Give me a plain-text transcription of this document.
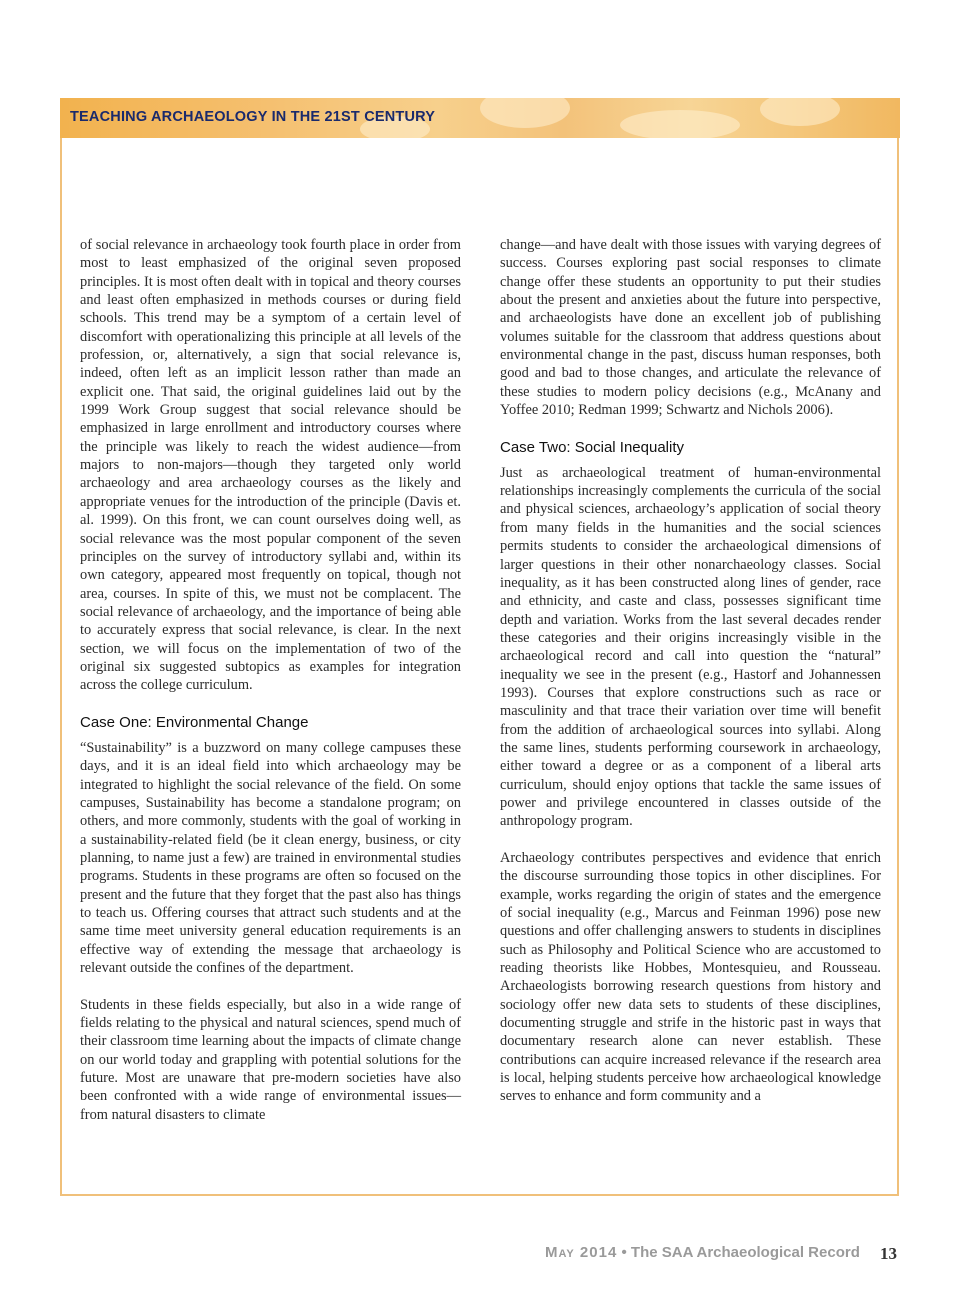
TEACHING ARCHAEOLOGY IN THE 21ST CENTURY

of social relevance in archaeology took fourth place in order from most to least emphasized of the original seven proposed principles. It is most often dealt with in topical and theory courses and least often emphasized in methods courses or during field schools. This trend may be a symptom of a certain level of discomfort with operationalizing this principle at all levels of the profession, or, alternatively, a sign that social relevance is, indeed, often left as an implicit lesson rather than made an explicit one. That said, the original guidelines laid out by the 1999 Work Group suggest that social relevance should be emphasized in large enrollment and introductory courses where the principle was likely to reach the widest audience—from majors to non-majors—though they targeted only world archaeology and area archaeology courses as the likely and appropriate venues for the introduction of the principle (Davis et. al. 1999). On this front, we can count ourselves doing well, as social relevance was the most popular component of the seven principles on the survey of introductory syllabi and, within its own category, appeared most frequently on topical, though not area, courses. In spite of this, we must not be complacent. The social relevance of archaeology, and the importance of being able to accurately express that social relevance, is clear. In the next section, we will focus on the implementation of two of the original six suggested subtopics as examples for integration across the college curriculum.

Case One: Environmental Change

“Sustainability” is a buzzword on many college campuses these days, and it is an ideal field into which archaeology may be integrated to highlight the social relevance of the field. On some campuses, Sustainability has become a standalone program; on others, and more commonly, students with the goal of working in a sustainability-related field (be it clean energy, business, or city planning, to name just a few) are trained in environmental studies programs. Students in these programs are often so focused on the present and the future that they forget that the past also has things to teach us. Offering courses that attract such students and at the same time meet university general education requirements is an effective way of extending the message that archaeology is relevant outside the confines of the department.

Students in these fields especially, but also in a wide range of fields relating to the physical and natural sciences, spend much of their classroom time learning about the impacts of climate change on our world today and grappling with potential solutions for the future. Most are unaware that pre-modern societies have also been confronted with a wide range of environmental issues—from natural disasters to climate

change—and have dealt with those issues with varying degrees of success. Courses exploring past social responses to climate change offer these students an opportunity to put their studies about the present and anxieties about the future into perspective, and archaeologists have done an excellent job of publishing volumes suitable for the classroom that address questions about environmental change in the past, discuss human responses, both good and bad to those changes, and articulate the relevance of these studies to modern policy decisions (e.g., McAnany and Yoffee 2010; Redman 1999; Schwartz and Nichols 2006).

Case Two: Social Inequality

Just as archaeological treatment of human-environmental relationships increasingly complements the curricula of the social and physical sciences, archaeology’s application of social theory from many fields in the humanities and the social sciences permits students to consider the archaeological dimensions of larger questions in their other nonarchaeology classes. Social inequality, as it has been constructed along lines of gender, race and ethnicity, and caste and class, possesses significant time depth and variation. Works from the last several decades render these categories and their origins increasingly visible in the archaeological record and call into question the “natural” inequality we see in the present (e.g., Hastorf and Johannessen 1993). Courses that explore constructions such as race or masculinity and that trace their variation over time will benefit from the addition of archaeological sources into syllabi. Along the same lines, students performing coursework in archaeology, either toward a degree or as a component of a liberal arts curriculum, should enjoy options that tackle the same issues of power and privilege encountered in classes outside of the anthropology program.

Archaeology contributes perspectives and evidence that enrich the discourse surrounding those topics in other disciplines. For example, works regarding the origin of states and the emergence of social inequality (e.g., Marcus and Feinman 1996) pose new questions and offer challenging answers to students in disciplines such as Philosophy and Political Science who are accustomed to reading theorists like Hobbes, Montesquieu, and Rousseau. Archaeologists borrowing research questions from history and sociology offer new data sets to students of these disciplines, documenting struggle and strife in the historic past in ways that documentary research alone can never establish. These contributions can acquire increased relevance if the research area is local, helping students perceive how archaeological knowledge serves to enhance and form community and a

May 2014 • The SAA Archaeological Record 13
